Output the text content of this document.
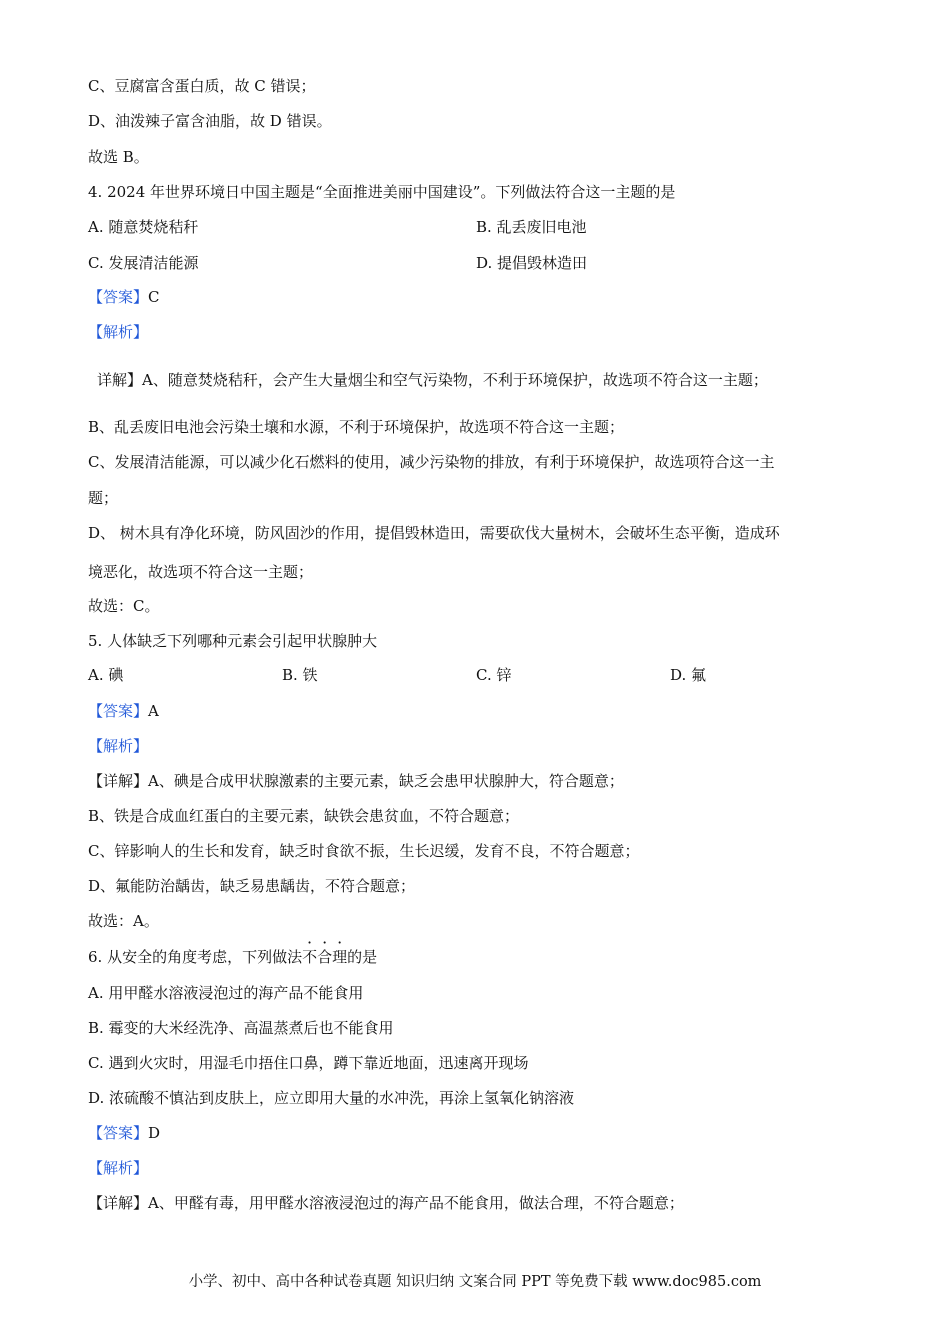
C、豆腐富含蛋白质，故 C 错误；
D、油泼辣子富含油脂，故 D 错误。
故选 B。
4. 2024 年世界环境日中国主题是“全面推进美丽中国建设”。下列做法符合这一主题的是
A. 随意焚烧秸秆	B. 乱丢废旧电池
C. 发展清洁能源	D. 提倡毁林造田
【答案】C
【解析】
详解】A、随意焚烧秸秆，会产生大量烟尘和空气污染物，不利于环境保护，故选项不符合这一主题；
B、乱丢废旧电池会污染土壤和水源，不利于环境保护，故选项不符合这一主题；
C、发展清洁能源，可以减少化石燃料的使用，减少污染物的排放，有利于环境保护，故选项符合这一主
题；
D、 树木具有净化环境，防风固沙的作用，提倡毁林造田，需要砍伐大量树木，会破坏生态平衡，造成环
境恶化，故选项不符合这一主题；
故选：C。
5. 人体缺乏下列哪种元素会引起甲状腺肿大
A. 碘	B. 铁	C. 锌	D. 氟
【答案】A
【解析】
【详解】A、碘是合成甲状腺激素的主要元素，缺乏会患甲状腺肿大，符合题意；
B、铁是合成血红蛋白的主要元素，缺铁会患贫血，不符合题意；
C、锌影响人的生长和发育，缺乏时食欲不振，生长迟缓，发育不良，不符合题意；
D、氟能防治龋齿，缺乏易患龋齿，不符合题意；
故选：A。
6. 从安全的角度考虑，下列做法不合理的是
A. 用甲醛水溶液浸泡过的海产品不能食用
B. 霉变的大米经洗净、高温蒸煮后也不能食用
C. 遇到火灾时，用湿毛巾捂住口鼻，蹲下靠近地面，迅速离开现场
D. 浓硫酸不慎沾到皮肤上，应立即用大量的水冲洗，再涂上氢氧化钠溶液
【答案】D
【解析】
【详解】A、甲醛有毒，用甲醛水溶液浸泡过的海产品不能食用，做法合理，不符合题意；
小学、初中、高中各种试卷真题 知识归纳 文案合同 PPT 等免费下载 www.doc985.com
